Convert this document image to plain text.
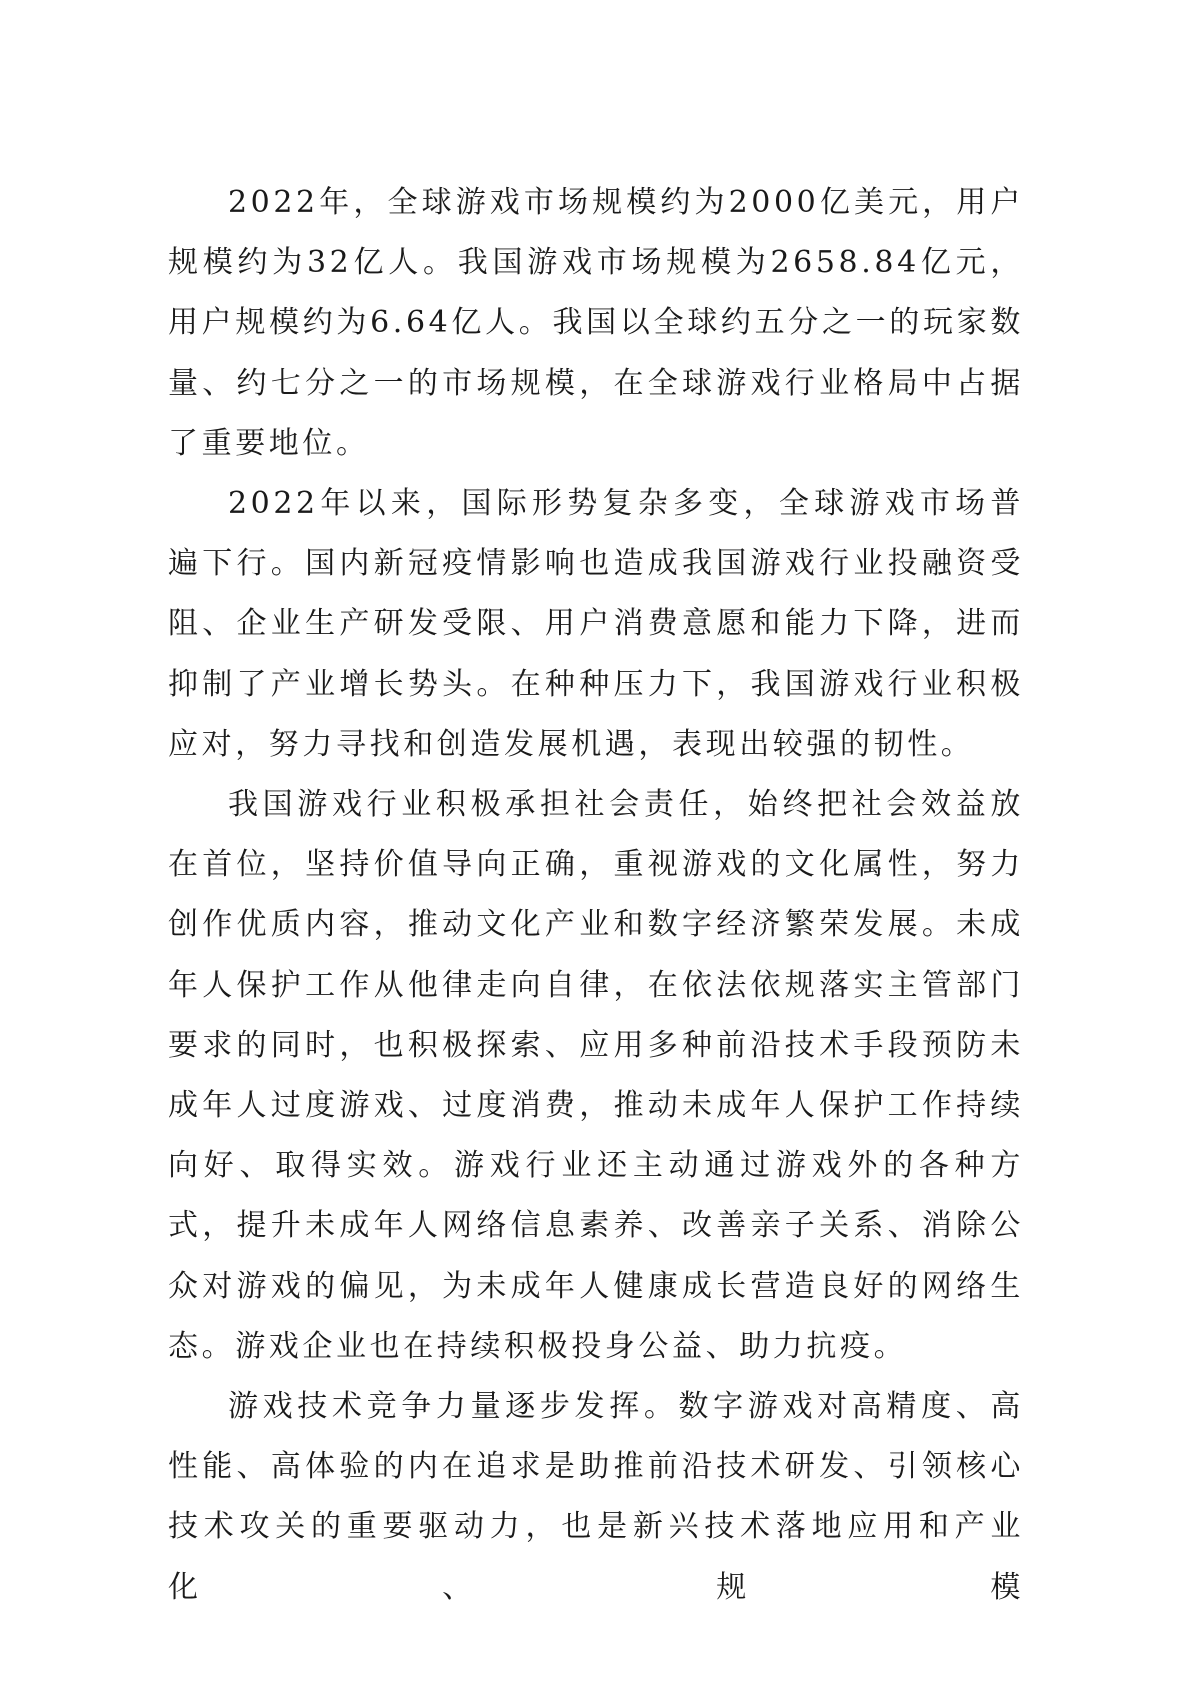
2022年，全球游戏市场规模约为2000亿美元，用户规模约为32亿人。我国游戏市场规模为2658.84亿元，用户规模约为6.64亿人。我国以全球约五分之一的玩家数量、约七分之一的市场规模，在全球游戏行业格局中占据了重要地位。

2022年以来，国际形势复杂多变，全球游戏市场普遍下行。国内新冠疫情影响也造成我国游戏行业投融资受阻、企业生产研发受限、用户消费意愿和能力下降，进而抑制了产业增长势头。在种种压力下，我国游戏行业积极应对，努力寻找和创造发展机遇，表现出较强的韧性。

我国游戏行业积极承担社会责任，始终把社会效益放在首位，坚持价值导向正确，重视游戏的文化属性，努力创作优质内容，推动文化产业和数字经济繁荣发展。未成年人保护工作从他律走向自律，在依法依规落实主管部门要求的同时，也积极探索、应用多种前沿技术手段预防未成年人过度游戏、过度消费，推动未成年人保护工作持续向好、取得实效。游戏行业还主动通过游戏外的各种方式，提升未成年人网络信息素养、改善亲子关系、消除公众对游戏的偏见，为未成年人健康成长营造良好的网络生态。游戏企业也在持续积极投身公益、助力抗疫。

游戏技术竞争力量逐步发挥。数字游戏对高精度、高性能、高体验的内在追求是助推前沿技术研发、引领核心技术攻关的重要驱动力，也是新兴技术落地应用和产业化、规模
